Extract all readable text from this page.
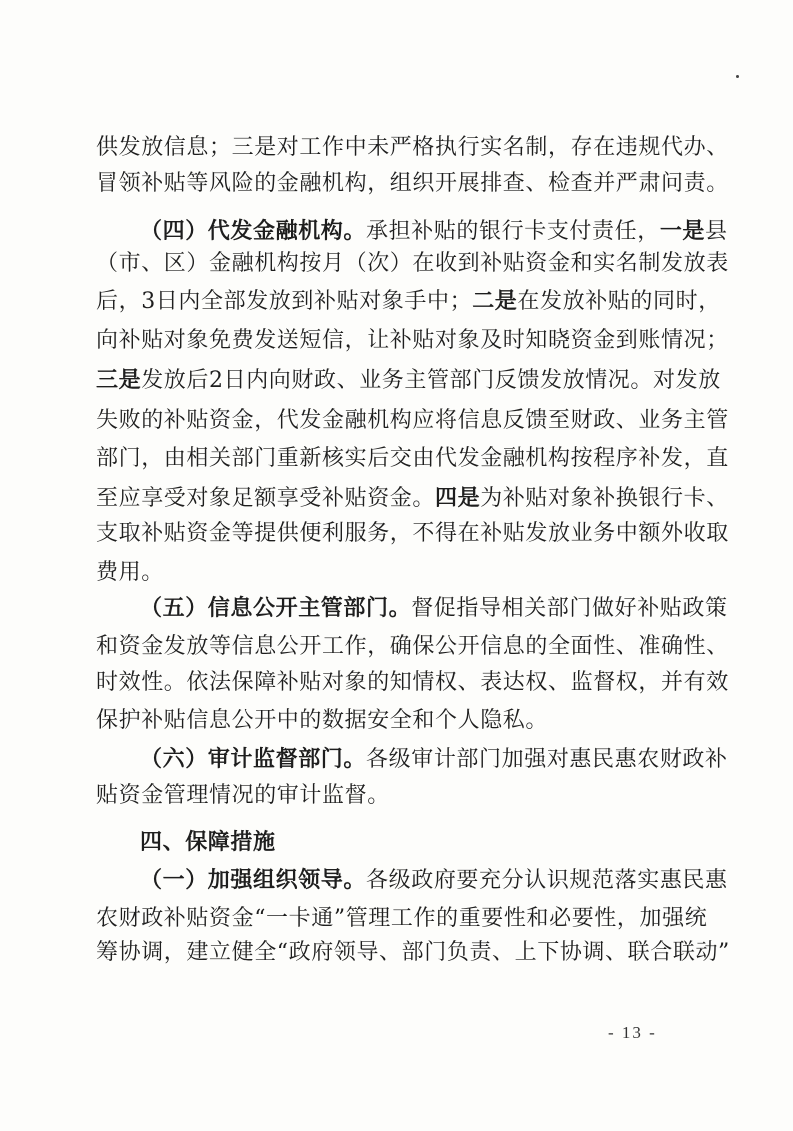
供发放信息；三是对工作中未严格执行实名制，存在违规代办、
冒领补贴等风险的金融机构，组织开展排查、检查并严肃问责。
（四）代发金融机构。承担补贴的银行卡支付责任，一是县
（市、区）金融机构按月（次）在收到补贴资金和实名制发放表
后，3日内全部发放到补贴对象手中；二是在发放补贴的同时，
向补贴对象免费发送短信，让补贴对象及时知晓资金到账情况；
三是发放后2日内向财政、业务主管部门反馈发放情况。对发放
失败的补贴资金，代发金融机构应将信息反馈至财政、业务主管
部门，由相关部门重新核实后交由代发金融机构按程序补发，直
至应享受对象足额享受补贴资金。四是为补贴对象补换银行卡、
支取补贴资金等提供便利服务，不得在补贴发放业务中额外收取
费用。
（五）信息公开主管部门。督促指导相关部门做好补贴政策
和资金发放等信息公开工作，确保公开信息的全面性、准确性、
时效性。依法保障补贴对象的知情权、表达权、监督权，并有效
保护补贴信息公开中的数据安全和个人隐私。
（六）审计监督部门。各级审计部门加强对惠民惠农财政补
贴资金管理情况的审计监督。
四、保障措施
（一）加强组织领导。各级政府要充分认识规范落实惠民惠
农财政补贴资金“一卡通”管理工作的重要性和必要性，加强统
筹协调，建立健全“政府领导、部门负责、上下协调、联合联动”
- 13 -
